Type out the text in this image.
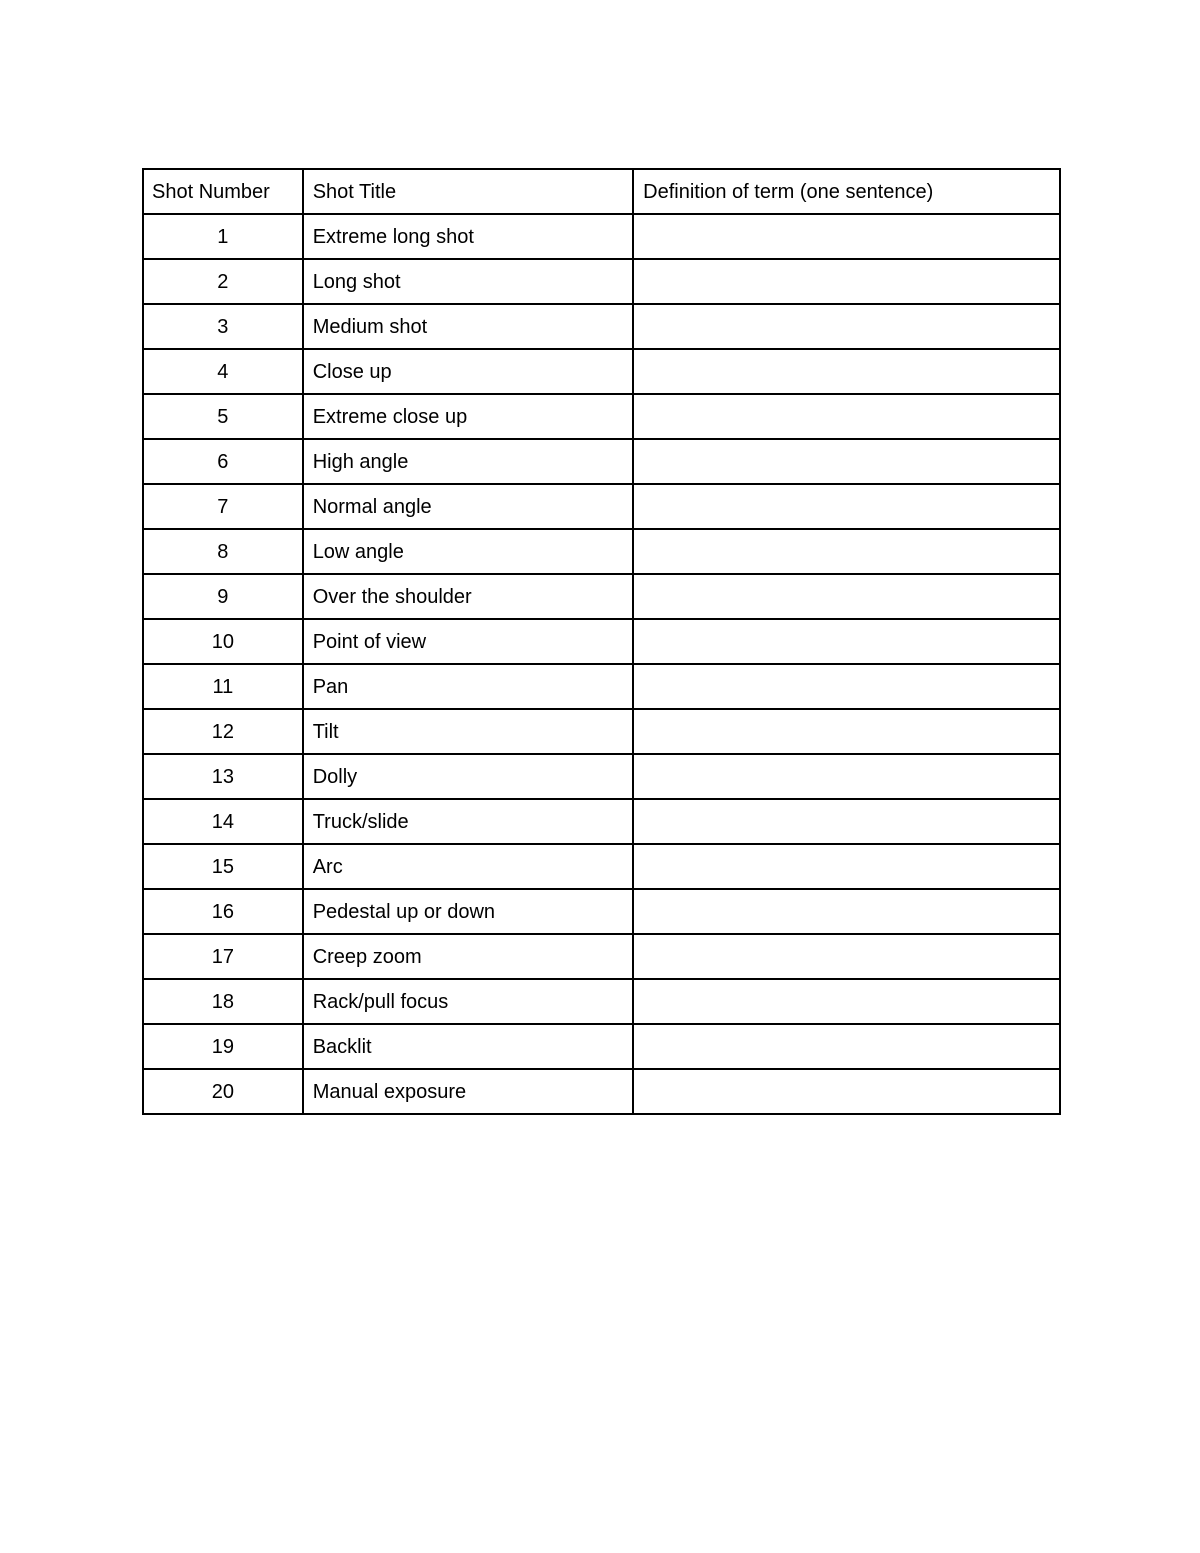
Shot Number	Shot Title	Definition of term (one sentence)
1	Extreme long shot	
2	Long shot	
3	Medium shot	
4	Close up	
5	Extreme close up	
6	High angle	
7	Normal angle	
8	Low angle	
9	Over the shoulder	
10	Point of view	
11	Pan	
12	Tilt	
13	Dolly	
14	Truck/slide	
15	Arc	
16	Pedestal up or down	
17	Creep zoom	
18	Rack/pull focus	
19	Backlit	
20	Manual exposure	
